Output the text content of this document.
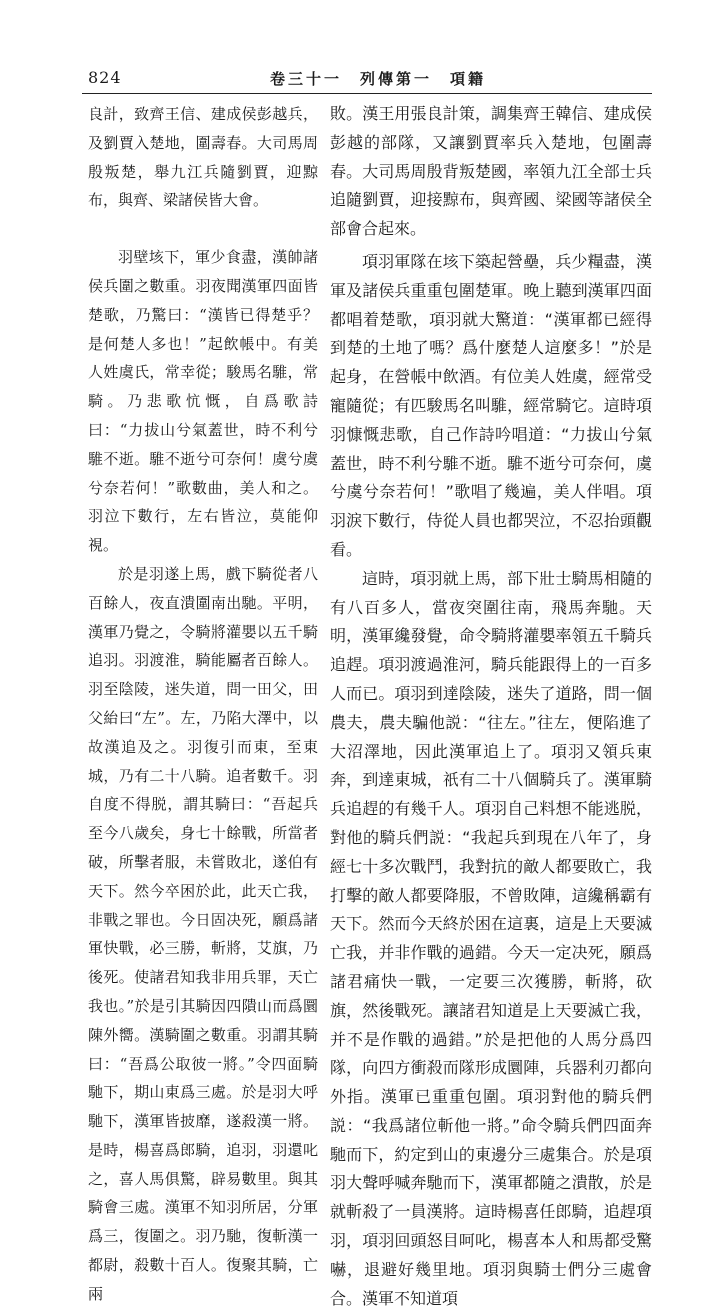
824	卷三十一　列傳第一　項籍

良計，致齊王信、建成侯彭越兵，及劉賈入楚地，圍壽春。大司馬周殷叛楚，舉九江兵隨劉賈，迎黥布，與齊、梁諸侯皆大會。

羽壁垓下，軍少食盡，漢帥諸侯兵圍之數重。羽夜聞漢軍四面皆楚歌，乃驚曰：“漢皆已得楚乎？是何楚人多也！”起飲帳中。有美人姓虞氏，常幸從；駿馬名騅，常騎。乃悲歌忼慨，自爲歌詩曰：“力拔山兮氣蓋世，時不利兮騅不逝。騅不逝兮可奈何！虞兮虞兮奈若何！”歌數曲，美人和之。羽泣下數行，左右皆泣，莫能仰視。

於是羽遂上馬，戲下騎從者八百餘人，夜直潰圍南出馳。平明，漢軍乃覺之，令騎將灌嬰以五千騎追羽。羽渡淮，騎能屬者百餘人。羽至陰陵，迷失道，問一田父，田父紿曰“左”。左，乃陷大澤中，以故漢追及之。羽復引而東，至東城，乃有二十八騎。追者數千。羽自度不得脱，謂其騎曰：“吾起兵至今八歲矣，身七十餘戰，所當者破，所擊者服，未嘗敗北，遂伯有天下。然今卒困於此，此天亡我，非戰之罪也。今日固决死，願爲諸軍快戰，必三勝，斬將，艾旗，乃後死。使諸君知我非用兵罪，天亡我也。”於是引其騎因四隤山而爲圜陳外嚮。漢騎圍之數重。羽謂其騎曰：“吾爲公取彼一將。”令四面騎馳下，期山東爲三處。於是羽大呼馳下，漢軍皆披靡，遂殺漢一將。是時，楊喜爲郎騎，追羽，羽還叱之，喜人馬俱驚，辟易數里。與其騎會三處。漢軍不知羽所居，分軍爲三，復圍之。羽乃馳，復斬漢一都尉，殺數十百人。復聚其騎，亡兩

敗。漢王用張良計策，調集齊王韓信、建成侯彭越的部隊，又讓劉賈率兵入楚地，包圍壽春。大司馬周殷背叛楚國，率領九江全部士兵追隨劉賈，迎接黥布，與齊國、梁國等諸侯全部會合起來。

項羽軍隊在垓下築起營壘，兵少糧盡，漢軍及諸侯兵重重包圍楚軍。晚上聽到漢軍四面都唱着楚歌，項羽就大驚道：“漢軍都已經得到楚的土地了嗎？爲什麼楚人這麼多！”於是起身，在營帳中飲酒。有位美人姓虞，經常受寵隨從；有匹駿馬名叫騅，經常騎它。這時項羽慷慨悲歌，自己作詩吟唱道：“力拔山兮氣蓋世，時不利兮騅不逝。騅不逝兮可奈何，虞兮虞兮奈若何！”歌唱了幾遍，美人伴唱。項羽淚下數行，侍從人員也都哭泣，不忍抬頭觀看。

這時，項羽就上馬，部下壯士騎馬相隨的有八百多人，當夜突圍往南，飛馬奔馳。天明，漢軍纔發覺，命令騎將灌嬰率領五千騎兵追趕。項羽渡過淮河，騎兵能跟得上的一百多人而已。項羽到達陰陵，迷失了道路，問一個農夫，農夫騙他説：“往左。”往左，便陷進了大沼澤地，因此漢軍追上了。項羽又領兵東奔，到達東城，祇有二十八個騎兵了。漢軍騎兵追趕的有幾千人。項羽自己料想不能逃脱，對他的騎兵們説：“我起兵到現在八年了，身經七十多次戰鬥，我對抗的敵人都要敗亡，我打擊的敵人都要降服，不曾敗陣，這纔稱霸有天下。然而今天終於困在這裏，這是上天要滅亡我，并非作戰的過錯。今天一定决死，願爲諸君痛快一戰，一定要三次獲勝，斬將，砍旗，然後戰死。讓諸君知道是上天要滅亡我，并不是作戰的過錯。”於是把他的人馬分爲四隊，向四方衝殺而隊形成圜陣，兵器利刃都向外指。漢軍已重重包圍。項羽對他的騎兵們説：“我爲諸位斬他一將。”命令騎兵們四面奔馳而下，約定到山的東邊分三處集合。於是項羽大聲呼喊奔馳而下，漢軍都隨之潰散，於是就斬殺了一員漢將。這時楊喜任郎騎，追趕項羽，項羽回頭怒目呵叱，楊喜本人和馬都受驚嚇，退避好幾里地。項羽與騎士們分三處會合。漢軍不知道項
